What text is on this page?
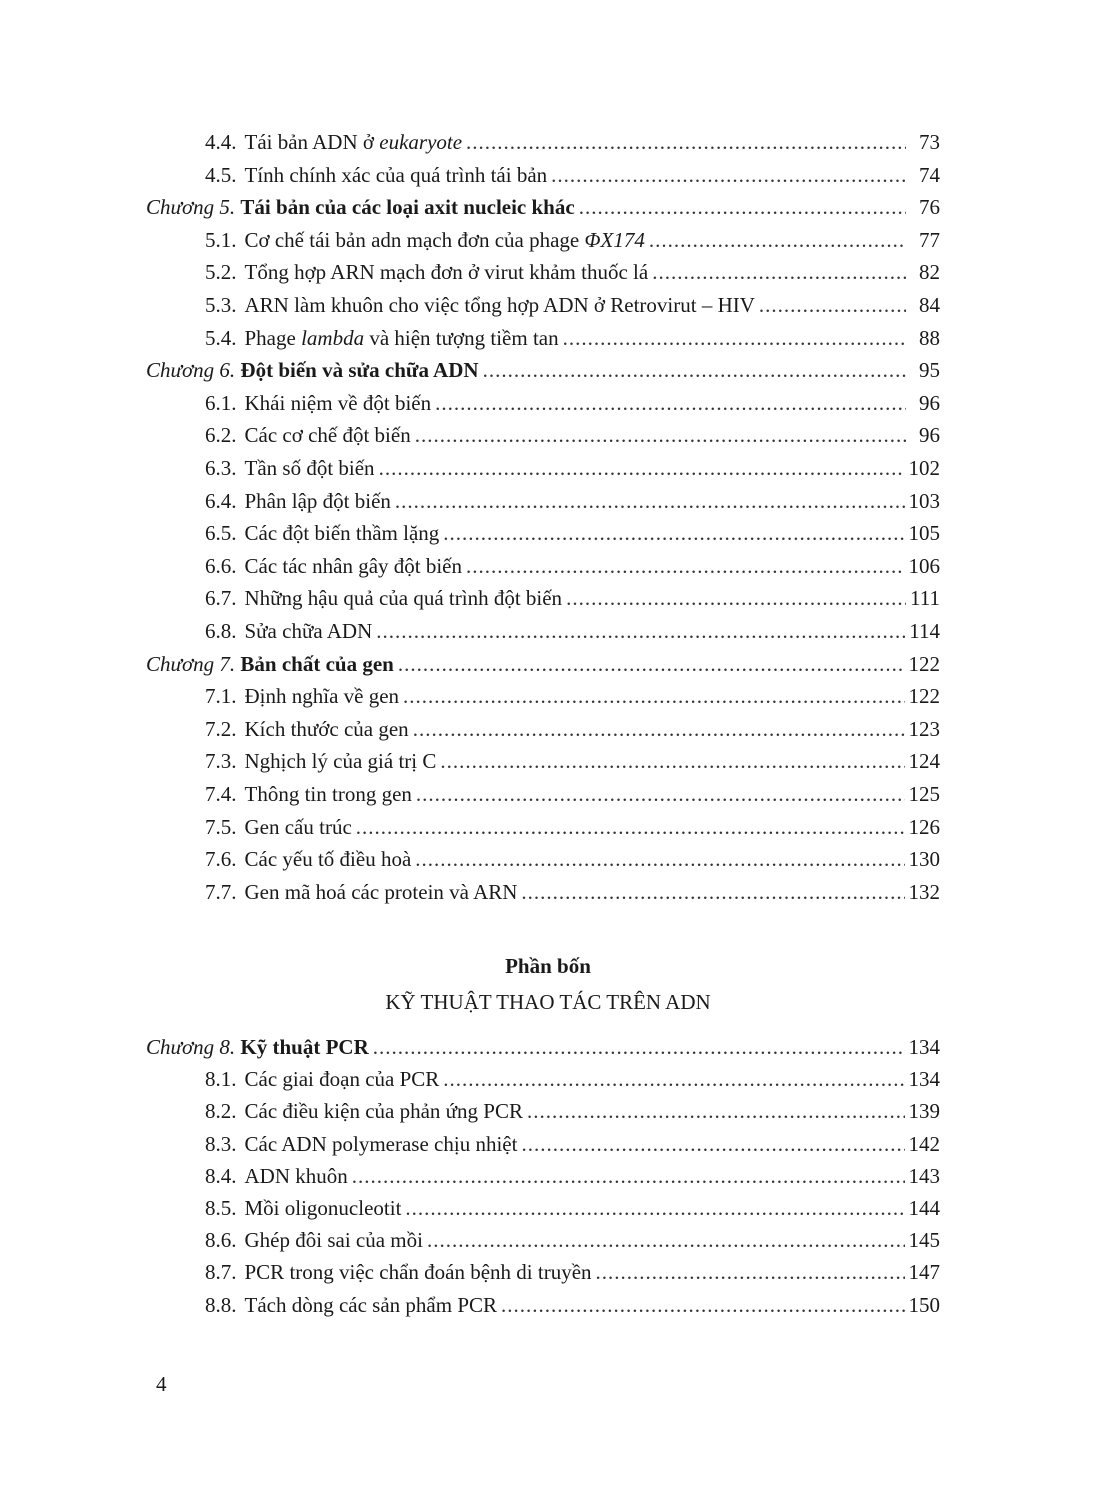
4.4. Tái bản ADN ở eukaryote .....	73
4.5. Tính chính xác của quá trình tái bản .....	74
Chương 5. Tái bản của các loại axit nucleic khác .....	76
5.1. Cơ chế tái bản adn mạch đơn của phage ΦX174 .....	77
5.2. Tổng hợp ARN mạch đơn ở virut khảm thuốc lá .....	82
5.3. ARN làm khuôn cho việc tổng hợp ADN ở Retrovirut – HIV .....	84
5.4. Phage lambda và hiện tượng tiềm tan .....	88
Chương 6. Đột biến và sửa chữa ADN .....	95
6.1. Khái niệm về đột biến .....	96
6.2. Các cơ chế đột biến .....	96
6.3. Tần số đột biến .....	102
6.4. Phân lập đột biến .....	103
6.5. Các đột biến thầm lặng .....	105
6.6. Các tác nhân gây đột biến .....	106
6.7. Những hậu quả của quá trình đột biến .....	111
6.8. Sửa chữa ADN .....	114
Chương 7. Bản chất của gen .....	122
7.1. Định nghĩa về gen .....	122
7.2. Kích thước của gen .....	123
7.3. Nghịch lý của giá trị C .....	124
7.4. Thông tin trong gen .....	125
7.5. Gen cấu trúc .....	126
7.6. Các yếu tố điều hoà .....	130
7.7. Gen mã hoá các protein và ARN .....	132
Chương 8. Kỹ thuật PCR .....	134
8.1. Các giai đoạn của PCR .....	134
8.2. Các điều kiện của phản ứng PCR .....	139
8.3. Các ADN polymerase chịu nhiệt .....	142
8.4. ADN khuôn .....	143
8.5. Mồi oligonucleotit .....	144
8.6. Ghép đôi sai của mồi .....	145
8.7. PCR trong việc chẩn đoán bệnh di truyền .....	147
8.8. Tách dòng các sản phẩm PCR .....	150
Phần bốn
KỸ THUẬT THAO TÁC TRÊN ADN
4
